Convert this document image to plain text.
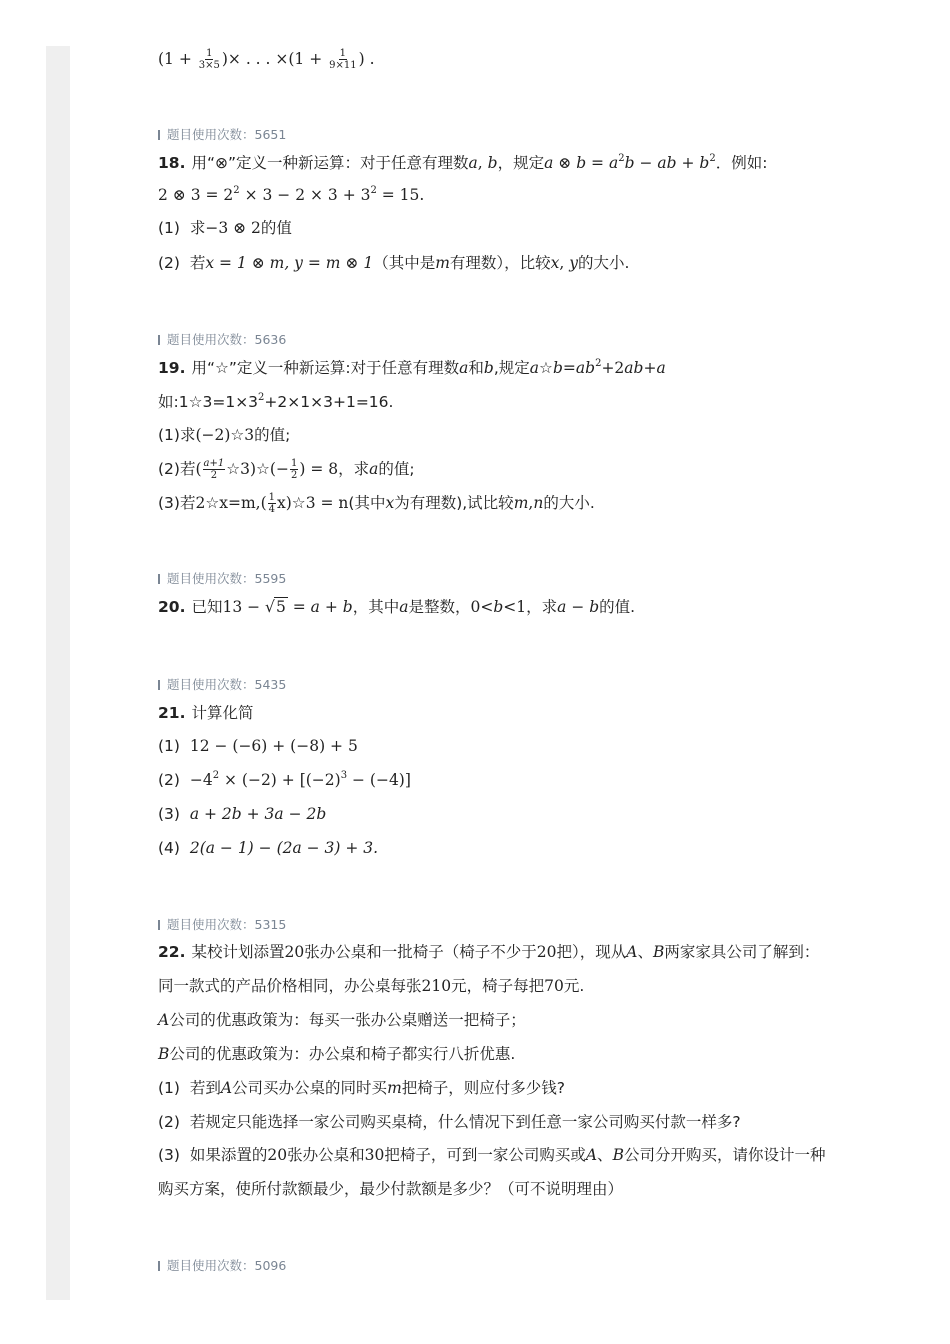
($1 + \frac{1}{3\times 5}$ )× . . . $\times(1 + \frac{1}{9\times 11}$ ) .
题目使用次数：5651
18. 用“⊗”定义一种新运算：对于任意有理数a, b，规定a ⊗ $b = a^2b$ − ab + $b^2$．例如:
2 ⊗ $3 = 2^2 \times 3 - 2 \times 3 + 3^2 = 15$.
(1) 求−3 ⊗ 2的值
(2) 若x = 1 ⊗ m, y = m ⊗ 1（其中是m有理数），比较x, y的大小.
题目使用次数：5636
19. 用“☆”定义一种新运算:对于任意有理数a和b,规定$a☆b=ab^2+2ab+a$
如$:1☆3=1\times 3^2+2\times 1\times 3+1=16$.
(1)求(−2)☆3的值;
(2)若( $\frac{a+1}{2}$ ☆3)☆(− $\frac{1}{2}$ ) = 8，求a的值;
(3)若2☆x=m,( $\frac{1}{4}$ x)☆3 = n(其中x为有理数),试比较m,n的大小.
题目使用次数：5595
20. 已知13 − √5 = a + b，其中a是整数，0<b<1，求a − b的值.
题目使用次数：5435
21. 计算化简
(1) 12 − (−6) + (−8) + 5
$(2) -4^2 \times (-2) + [(-2)^3 - (-4)]$
(3) a + 2b + 3a − 2b
(4) 2(a − 1) − (2a − 3) + 3.
题目使用次数：5315
22. 某校计划添置20张办公桌和一批椅子（椅子不少于20把），现从A、B两家家具公司了解到：
同一款式的产品价格相同，办公桌每张210元，椅子每把70元.
A公司的优惠政策为：每买一张办公桌赠送一把椅子；
B公司的优惠政策为：办公桌和椅子都实行八折优惠.
(1) 若到A公司买办公桌的同时买m把椅子，则应付多少钱?
(2) 若规定只能选择一家公司购买桌椅，什么情况下到任意一家公司购买付款一样多?
(3) 如果添置的20张办公桌和30把椅子，可到一家公司购买或A、B公司分开购买，请你设计一种
购买方案，使所付款额最少，最少付款额是多少？（可不说明理由）
题目使用次数：5096
